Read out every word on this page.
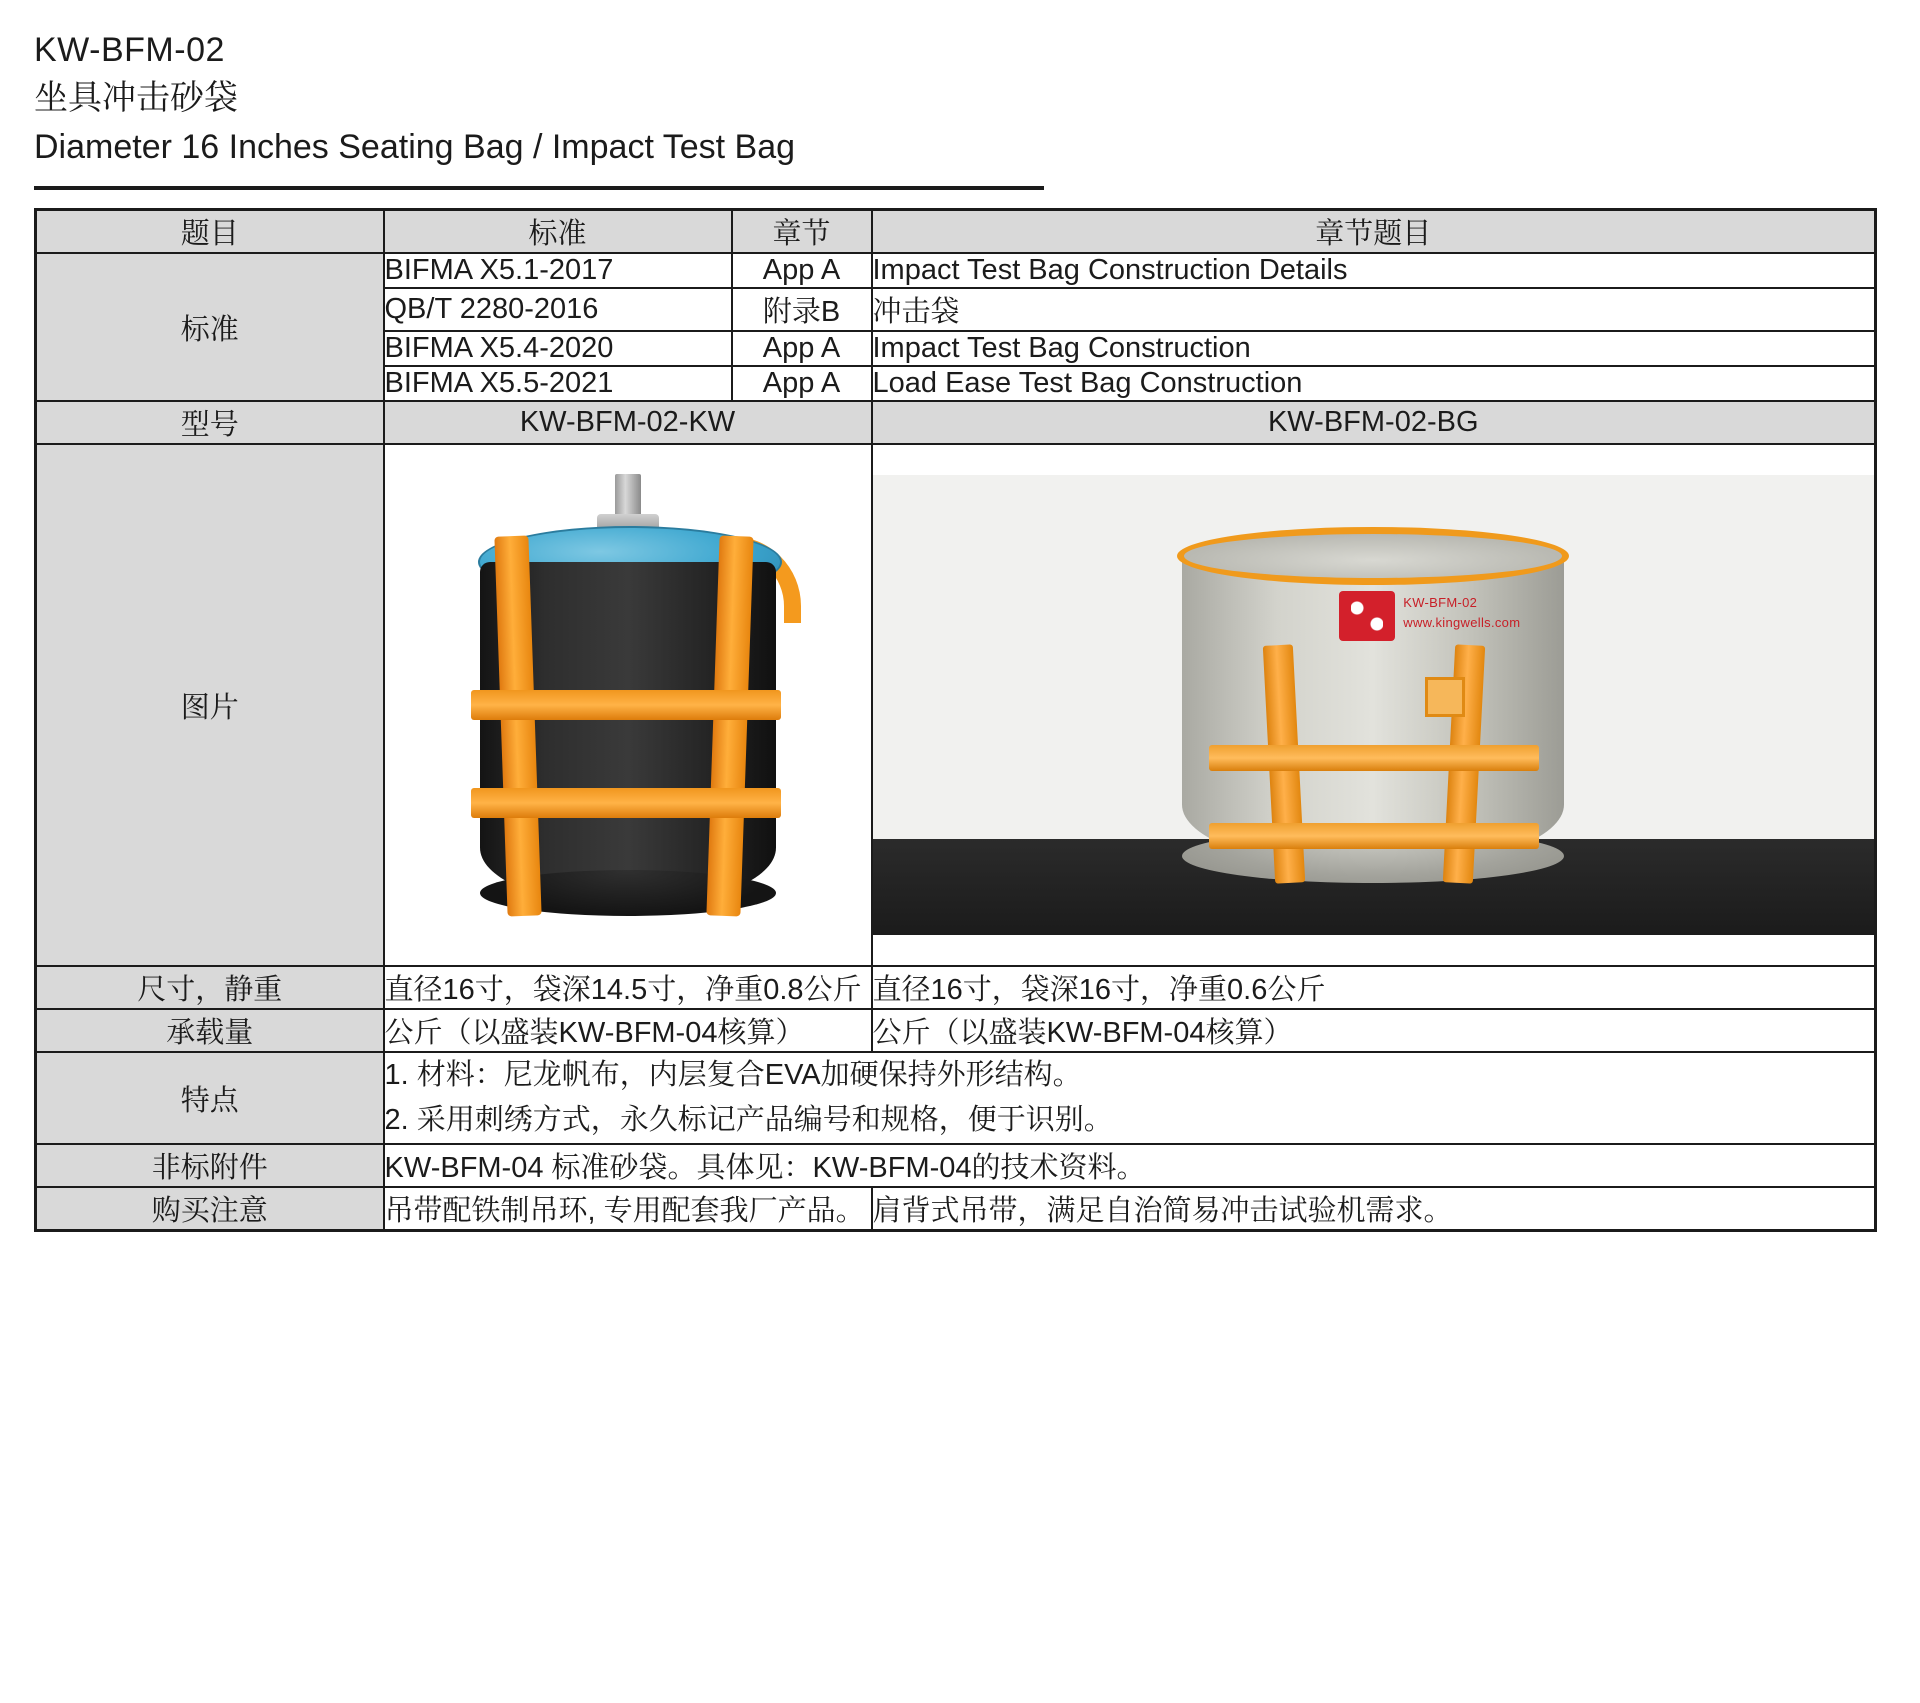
KW-BFM-02
坐具冲击砂袋
Diameter 16 Inches Seating Bag / Impact Test Bag
题目	标准	章节	章节题目
标准	BIFMA X5.1-2017	App A	Impact Test Bag Construction Details
	QB/T 2280-2016	附录B	冲击袋
	BIFMA X5.4-2020	App A	Impact Test Bag Construction
	BIFMA X5.5-2021	App A	Load Ease Test Bag Construction
型号	KW-BFM-02-KW		KW-BFM-02-BG
图片			KW-BFM-02
www.kingwells.com

尺寸，静重	直径16寸，袋深14.5寸，净重0.8公斤		直径16寸，袋深16寸，净重0.6公斤
承载量	公斤（以盛装KW-BFM-04核算）		公斤（以盛装KW-BFM-04核算）
特点	1. 材料：尼龙帆布，内层复合EVA加硬保持外形结构。
2. 采用刺绣方式，永久标记产品编号和规格，便于识别。		

非标附件	KW-BFM-04 标准砂袋。具体见：KW-BFM-04的技术资料。		
购买注意	吊带配铁制吊环, 专用配套我厂产品。		肩背式吊带，满足自治简易冲击试验机需求。
